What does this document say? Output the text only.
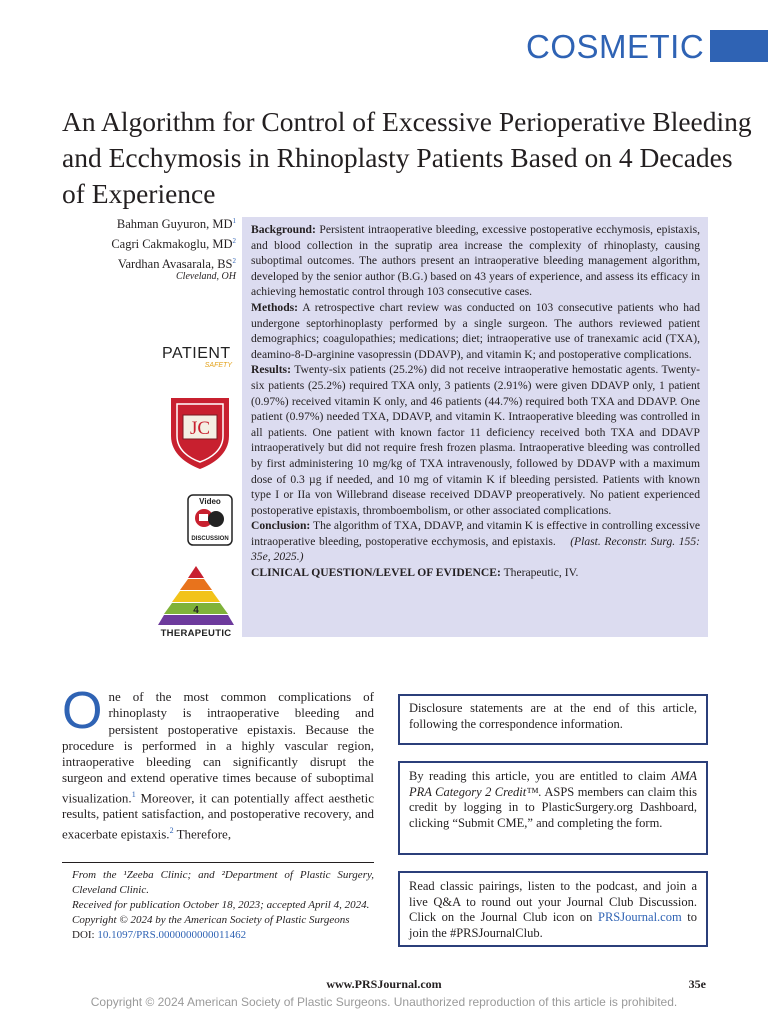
COSMETIC
An Algorithm for Control of Excessive Perioperative Bleeding and Ecchymosis in Rhinoplasty Patients Based on 4 Decades of Experience
Bahman Guyuron, $MD^1$
Cagri Cakmakoglu, $MD^2$
Vardhan Avasarala, $BS^2$
Cleveland, OH
PATIENT
SAFETY
JC
Video
DISCUSSION
4
THERAPEUTIC

Background: Persistent intraoperative bleeding, excessive postoperative ecchymosis, epistaxis, and blood collection in the supratip area increase the complexity of rhinoplasty, causing suboptimal outcomes. The authors present an intraoperative bleeding management algorithm, developed by the senior author (B.G.) based on 43 years of experience, and assess its efficacy in achieving hemostatic control through 103 consecutive cases.

Methods: A retrospective chart review was conducted on 103 consecutive patients who had undergone septorhinoplasty performed by a single surgeon. The authors reviewed patient demographics; coagulopathies; medications; diet; intraoperative use of tranexamic acid (TXA), deamino-8-D-arginine vasopressin (DDAVP), and vitamin K; and postoperative complications.

Results: Twenty-six patients (25.2%) did not receive intraoperative hemostatic agents. Twenty-six patients (25.2%) required TXA only, 3 patients (2.91%) were given DDAVP only, 1 patient (0.97%) received vitamin K only, and 46 patients (44.7%) required both TXA and DDAVP. One patient (0.97%) needed TXA, DDAVP, and vitamin K. Intraoperative bleeding was controlled in all patients. One patient with known factor 11 deficiency received both TXA and DDAVP intraoperatively but did not require fresh frozen plasma. Intraoperative bleeding was controlled by first administering 10 mg/kg of TXA intravenously, followed by DDAVP with a maximum dose of 0.3 µg if needed, and 10 mg of vitamin K if bleeding persisted. Patients with known type I or IIa von Willebrand disease received DDAVP preoperatively. No patient experienced postoperative epistaxis, thromboembolism, or other associated complications.

Conclusion: The algorithm of TXA, DDAVP, and vitamin K is effective in controlling excessive intraoperative bleeding, postoperative ecchymosis, and epistaxis. (Plast. Reconstr. Surg. 155: 35e, 2025.)

CLINICAL QUESTION/LEVEL OF EVIDENCE: Therapeutic, IV.

One of the most common complications of rhinoplasty is intraoperative bleeding and persistent postoperative epistaxis. Because the procedure is performed in a highly vascular region, intraoperative bleeding can significantly disrupt the surgeon and extend operative times because of suboptimal visualization.$^1$ Moreover, it can potentially affect aesthetic results, patient satisfaction, and postoperative recovery, and exacerbate epistaxis.$^2$ Therefore,

From the ¹Zeeba Clinic; and ²Department of Plastic Surgery, Cleveland Clinic.

Received for publication October 18, 2023; accepted April 4, 2024.

Copyright © 2024 by the American Society of Plastic Surgeons

DOI: 10.1097/PRS.0000000000011462

Disclosure statements are at the end of this article, following the correspondence information.
By reading this article, you are entitled to claim AMA PRA Category 2 Credit™. ASPS members can claim this credit by logging in to PlasticSurgery.org Dashboard, clicking “Submit CME,” and completing the form.
Read classic pairings, listen to the podcast, and join a live Q&A to round out your Journal Club Discussion. Click on the Journal Club icon on PRSJournal.com to join the #PRSJournalClub.
www.PRSJournal.com	35e
Copyright © 2024 American Society of Plastic Surgeons. Unauthorized reproduction of this article is prohibited.
